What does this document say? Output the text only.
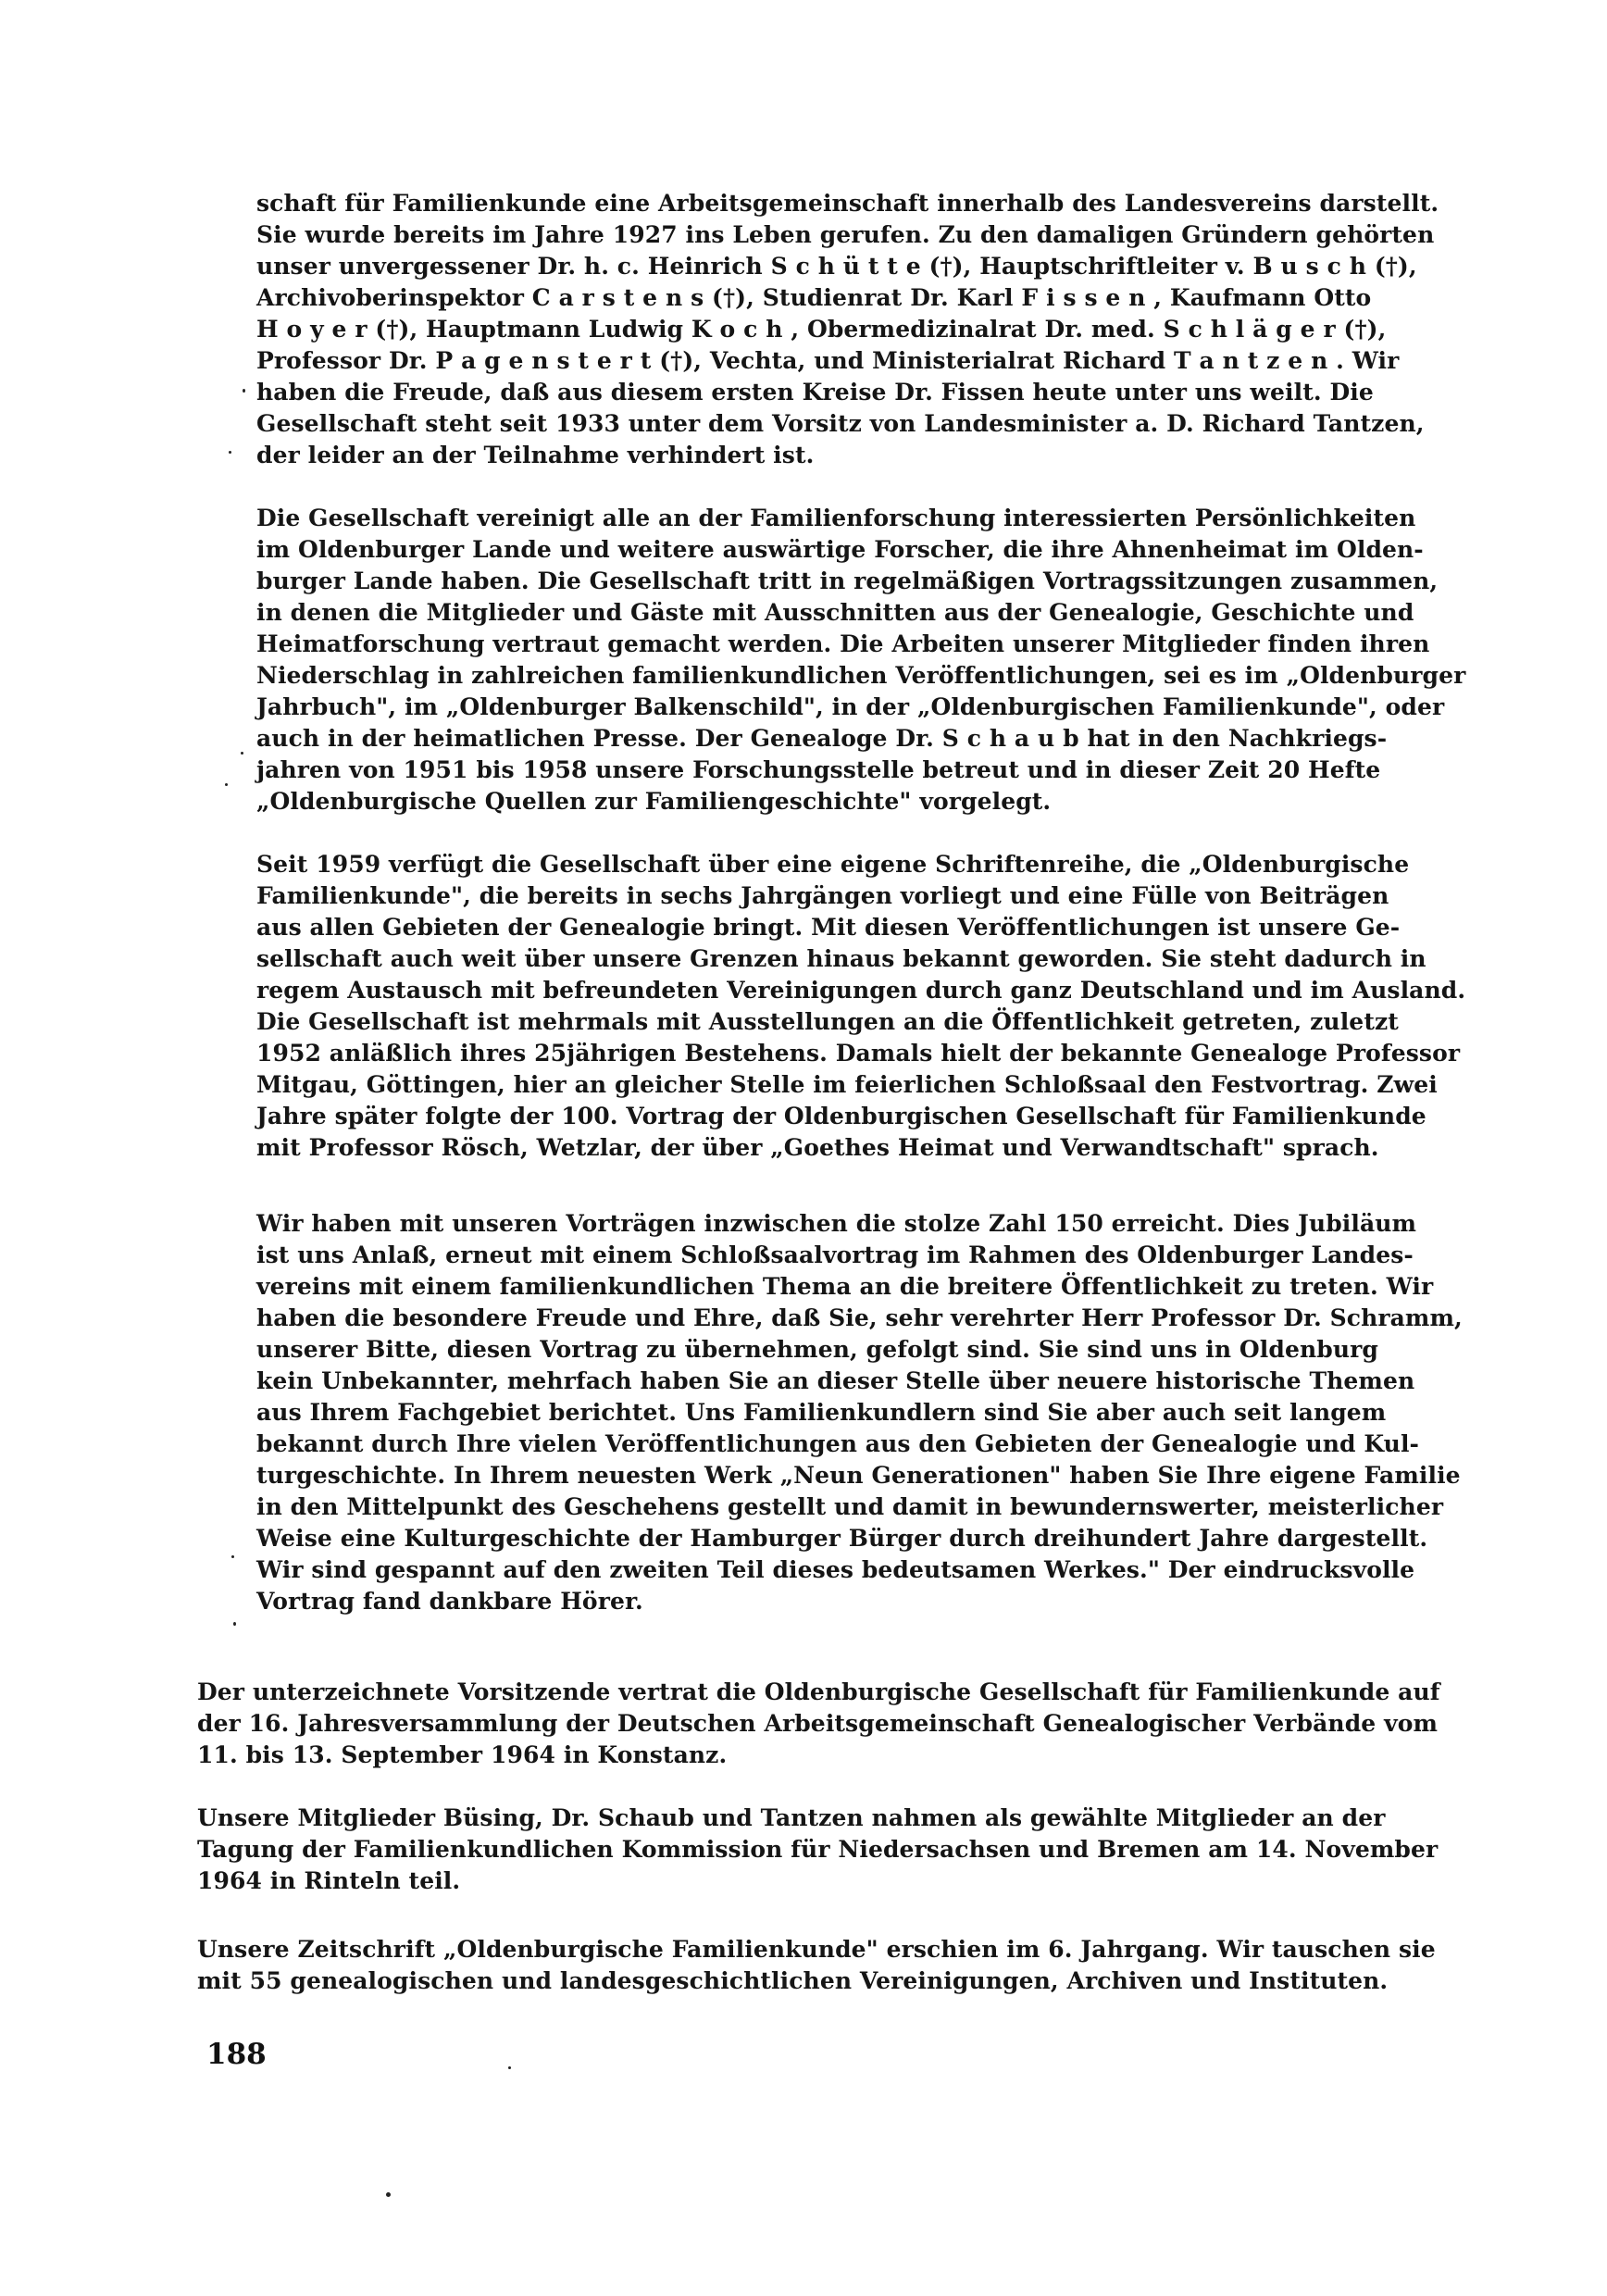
schaft für Familienkunde eine Arbeitsgemeinschaft innerhalb des Landesvereins darstellt.
Sie wurde bereits im Jahre 1927 ins Leben gerufen. Zu den damaligen Gründern gehörten
unser unvergessener Dr. h. c. Heinrich S c h ü t t e (†), Hauptschriftleiter v. B u s c h (†),
Archivoberinspektor C a r s t e n s (†), Studienrat Dr. Karl F i s s e n , Kaufmann Otto
H o y e r (†), Hauptmann Ludwig K o c h , Obermedizinalrat Dr. med. S c h l ä g e r (†),
Professor Dr. P a g e n s t e r t (†), Vechta, und Ministerialrat Richard T a n t z e n . Wir
haben die Freude, daß aus diesem ersten Kreise Dr. Fissen heute unter uns weilt. Die
Gesellschaft steht seit 1933 unter dem Vorsitz von Landesminister a. D. Richard Tantzen,
der leider an der Teilnahme verhindert ist.
Die Gesellschaft vereinigt alle an der Familienforschung interessierten Persönlichkeiten
im Oldenburger Lande und weitere auswärtige Forscher, die ihre Ahnenheimat im Olden-
burger Lande haben. Die Gesellschaft tritt in regelmäßigen Vortragssitzungen zusammen,
in denen die Mitglieder und Gäste mit Ausschnitten aus der Genealogie, Geschichte und
Heimatforschung vertraut gemacht werden. Die Arbeiten unserer Mitglieder finden ihren
Niederschlag in zahlreichen familienkundlichen Veröffentlichungen, sei es im „Oldenburger
Jahrbuch", im „Oldenburger Balkenschild", in der „Oldenburgischen Familienkunde", oder
auch in der heimatlichen Presse. Der Genealoge Dr. S c h a u b hat in den Nachkriegs-
jahren von 1951 bis 1958 unsere Forschungsstelle betreut und in dieser Zeit 20 Hefte
„Oldenburgische Quellen zur Familiengeschichte" vorgelegt.
Seit 1959 verfügt die Gesellschaft über eine eigene Schriftenreihe, die „Oldenburgische
Familienkunde", die bereits in sechs Jahrgängen vorliegt und eine Fülle von Beiträgen
aus allen Gebieten der Genealogie bringt. Mit diesen Veröffentlichungen ist unsere Ge-
sellschaft auch weit über unsere Grenzen hinaus bekannt geworden. Sie steht dadurch in
regem Austausch mit befreundeten Vereinigungen durch ganz Deutschland und im Ausland.
Die Gesellschaft ist mehrmals mit Ausstellungen an die Öffentlichkeit getreten, zuletzt
1952 anläßlich ihres 25jährigen Bestehens. Damals hielt der bekannte Genealoge Professor
Mitgau, Göttingen, hier an gleicher Stelle im feierlichen Schloßsaal den Festvortrag. Zwei
Jahre später folgte der 100. Vortrag der Oldenburgischen Gesellschaft für Familienkunde
mit Professor Rösch, Wetzlar, der über „Goethes Heimat und Verwandtschaft" sprach.
Wir haben mit unseren Vorträgen inzwischen die stolze Zahl 150 erreicht. Dies Jubiläum
ist uns Anlaß, erneut mit einem Schloßsaalvortrag im Rahmen des Oldenburger Landes-
vereins mit einem familienkundlichen Thema an die breitere Öffentlichkeit zu treten. Wir
haben die besondere Freude und Ehre, daß Sie, sehr verehrter Herr Professor Dr. Schramm,
unserer Bitte, diesen Vortrag zu übernehmen, gefolgt sind. Sie sind uns in Oldenburg
kein Unbekannter, mehrfach haben Sie an dieser Stelle über neuere historische Themen
aus Ihrem Fachgebiet berichtet. Uns Familienkundlern sind Sie aber auch seit langem
bekannt durch Ihre vielen Veröffentlichungen aus den Gebieten der Genealogie und Kul-
turgeschichte. In Ihrem neuesten Werk „Neun Generationen" haben Sie Ihre eigene Familie
in den Mittelpunkt des Geschehens gestellt und damit in bewundernswerter, meisterlicher
Weise eine Kulturgeschichte der Hamburger Bürger durch dreihundert Jahre dargestellt.
Wir sind gespannt auf den zweiten Teil dieses bedeutsamen Werkes." Der eindrucksvolle
Vortrag fand dankbare Hörer.
Der unterzeichnete Vorsitzende vertrat die Oldenburgische Gesellschaft für Familienkunde auf
der 16. Jahresversammlung der Deutschen Arbeitsgemeinschaft Genealogischer Verbände vom
11. bis 13. September 1964 in Konstanz.
Unsere Mitglieder Büsing, Dr. Schaub und Tantzen nahmen als gewählte Mitglieder an der
Tagung der Familienkundlichen Kommission für Niedersachsen und Bremen am 14. November
1964 in Rinteln teil.
Unsere Zeitschrift „Oldenburgische Familienkunde" erschien im 6. Jahrgang. Wir tauschen sie
mit 55 genealogischen und landesgeschichtlichen Vereinigungen, Archiven und Instituten.
188
